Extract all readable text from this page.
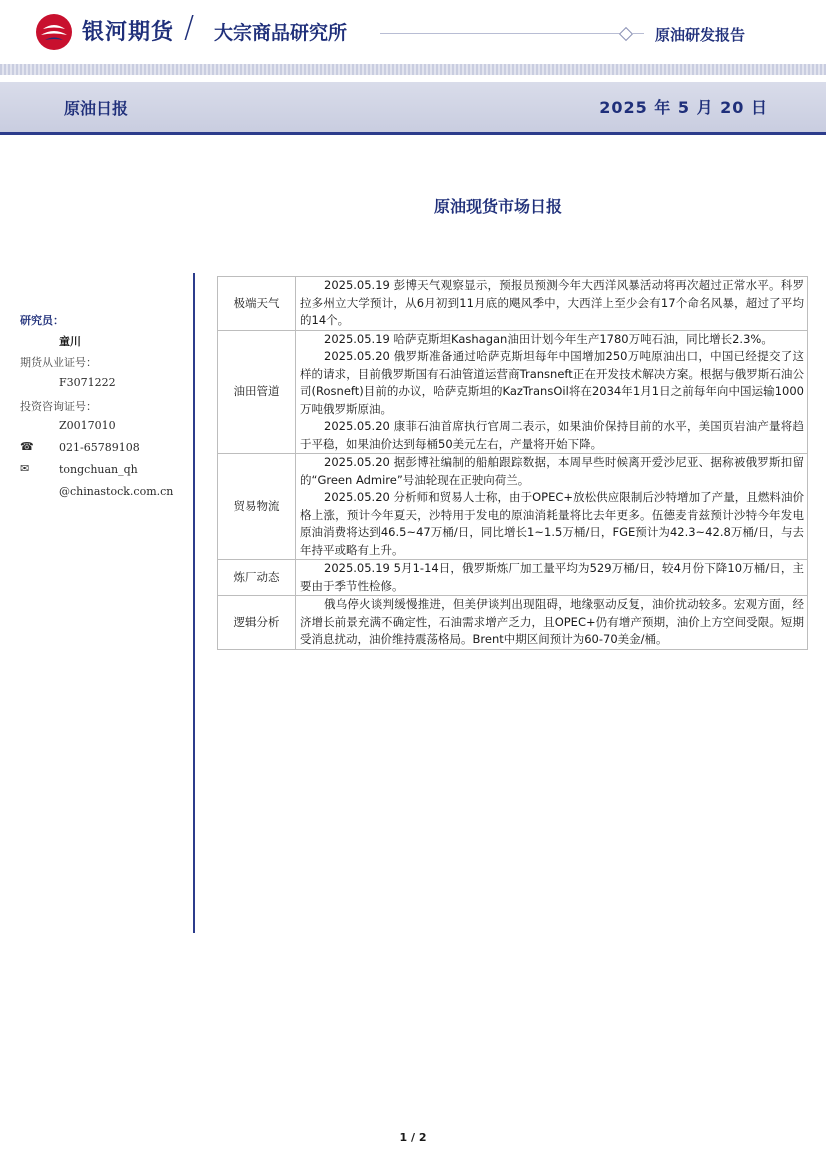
银河期货 / 大宗商品研究所	原油研发报告
原油日报	2025 年 5 月 20 日
原油现货市场日报
研究员：
童川
期货从业证号：
F3071222
投资咨询证号：
Z0017010
☎ 021-65789108
✉	tongchuan_qh
@chinastock.com.cn
极端天气	2025.05.19 彭博天气观察显示，预报员预测今年大西洋风暴活动将再次超过正常水平。科罗拉多州立大学预计，从6月初到11月底的飓风季中，大西洋上至少会有17个命名风暴，超过了平均的14个。

油田管道	2025.05.19 哈萨克斯坦Kashagan油田计划今年生产1780万吨石油，同比增长2.3%。
2025.05.20 俄罗斯准备通过哈萨克斯坦每年中国增加250万吨原油出口，中国已经提交了这样的请求，目前俄罗斯国有石油管道运营商Transneft正在开发技术解决方案。根据与俄罗斯石油公司(Rosneft)目前的办议，哈萨克斯坦的KazTransOil将在2034年1月1日之前每年向中国运输1000万吨俄罗斯原油。
2025.05.20 康菲石油首席执行官周二表示，如果油价保持目前的水平，美国页岩油产量将趋于平稳，如果油价达到每桶50美元左右，产量将开始下降。

贸易物流	2025.05.20 据彭博社编制的船舶跟踪数据，本周早些时候离开爱沙尼亚、据称被俄罗斯扣留的“Green Admire”号油轮现在正驶向荷兰。
2025.05.20 分析师和贸易人士称，由于OPEC+放松供应限制后沙特增加了产量，且燃料油价格上涨，预计今年夏天，沙特用于发电的原油消耗量将比去年更多。伍德麦肯兹预计沙特今年发电原油消费将达到46.5~47万桶/日，同比增长1~1.5万桶/日，FGE预计为42.3~42.8万桶/日，与去年持平或略有上升。

炼厂动态	2025.05.19 5月1-14日，俄罗斯炼厂加工量平均为529万桶/日，较4月份下降10万桶/日，主要由于季节性检修。

逻辑分析	俄乌停火谈判缓慢推进，但美伊谈判出现阻碍，地缘驱动反复，油价扰动较多。宏观方面，经济增长前景充满不确定性，石油需求增产乏力，且OPEC+仍有增产预期，油价上方空间受限。短期受消息扰动，油价维持震荡格局。Brent中期区间预计为60-70美金/桶。
1 / 2
